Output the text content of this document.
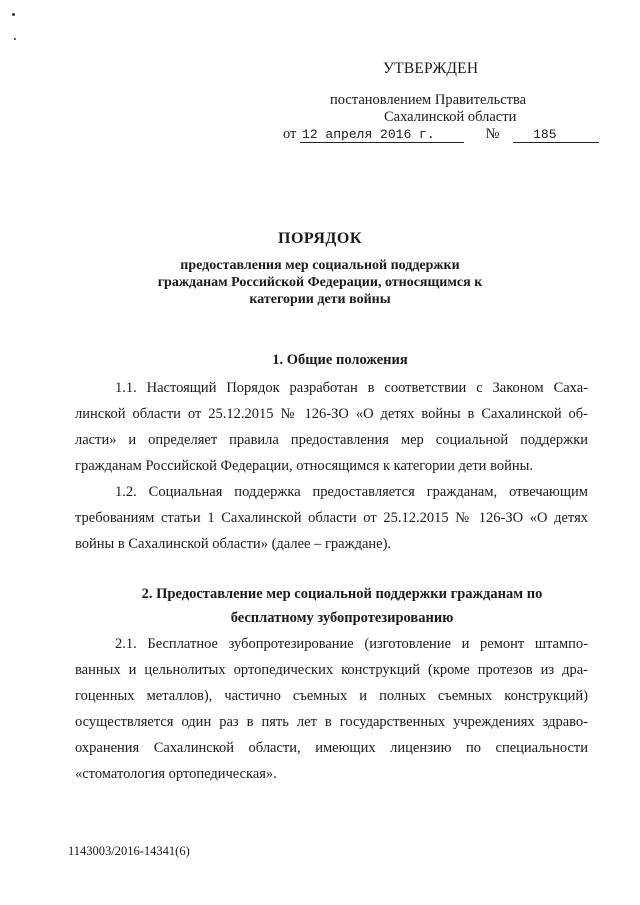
УТВЕРЖДЕН
постановлением Правительства
Сахалинской области
от 12 апреля 2016 г.	№	185
ПОРЯДОК
предоставления мер социальной поддержки
гражданам Российской Федерации, относящимся к
категории дети войны
1. Общие положения
1.1. Настоящий Порядок разработан в соответствии с Законом Саха-
линской области от 25.12.2015 № 126-ЗО «О детях войны в Сахалинской об-
ласти» и определяет правила предоставления мер социальной поддержки
гражданам Российской Федерации, относящимся к категории дети войны.
1.2. Социальная поддержка предоставляется гражданам, отвечающим
требованиям статьи 1 Сахалинской области от 25.12.2015 № 126-ЗО «О детях
войны в Сахалинской области» (далее – граждане).
2. Предоставление мер социальной поддержки гражданам по
бесплатному зубопротезированию
2.1. Бесплатное зубопротезирование (изготовление и ремонт штампо-
ванных и цельнолитых ортопедических конструкций (кроме протезов из дра-
гоценных металлов), частично съемных и полных съемных конструкций)
осуществляется один раз в пять лет в государственных учреждениях здраво-
охранения Сахалинской области, имеющих лицензию по специальности
«стоматология ортопедическая».
1143003/2016-14341(6)
